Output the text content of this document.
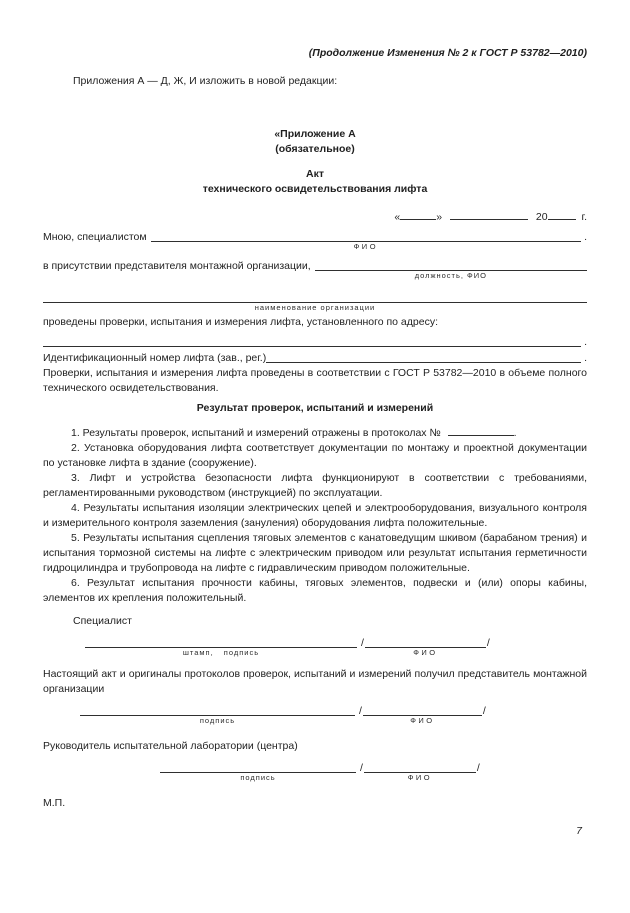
(Продолжение Изменения № 2 к ГОСТ Р 53782—2010)
Приложения А — Д, Ж, И изложить в новой редакции:
«Приложение А
(обязательное)
Акт
технического освидетельствования лифта
«	»	20	г.
Мною, специалистом
ФИО
.
в присутствии представителя монтажной организации,
должность, ФИО
наименование организации
проведены проверки, испытания и измерения лифта, установленного по адресу:
.
Идентификационный номер лифта (зав., рег.)	.
Проверки, испытания и измерения лифта проведены в соответствии с ГОСТ Р 53782—2010 в объеме полного технического освидетельствования.
Результат проверок, испытаний и измерений
1. Результаты проверок, испытаний и измерений отражены в протоколах №	.
2. Установка оборудования лифта соответствует документации по монтажу и проектной документации по установке лифта в здание (сооружение).
3. Лифт и устройства безопасности лифта функционируют в соответствии с требованиями, регламентированными руководством (инструкцией) по эксплуатации.
4. Результаты испытания изоляции электрических цепей и электрооборудования, визуального контроля и измерительного контроля заземления (зануления) оборудования лифта положительные.
5. Результаты испытания сцепления тяговых элементов с канатоведущим шкивом (барабаном трения) и испытания тормозной системы на лифте с электрическим приводом или результат испытания герметичности гидроцилиндра и трубопровода на лифте с гидравлическим приводом положительные.
6. Результат испытания прочности кабины, тяговых элементов, подвески и (или) опоры кабины, элементов их крепления положительный.
Специалист
штамп, подпись
/
ФИО
/
Настоящий акт и оригиналы протоколов проверок, испытаний и измерений получил представитель монтажной организации
подпись
/
ФИО
/
Руководитель испытательной лаборатории (центра)
подпись
/
ФИО
/
М.П.
7
